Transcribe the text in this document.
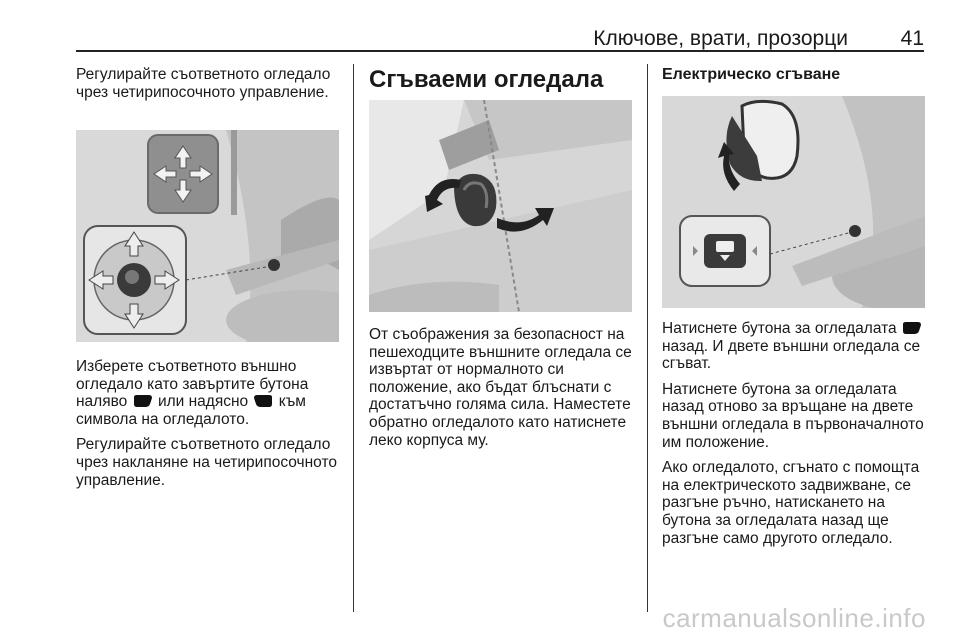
Ключове, врати, прозорци	41

Регулирайте съответното огледало чрез четирипосочното управление.

Изберете съответното външно огледало като завъртите бутона наляво или надясно към символа на огледалото.

Регулирайте съответното огледало чрез накланяне на четирипосочното управление.

Сгъваеми огледала

От съображения за безопасност на пешеходците външните огледала се извъртат от нормалното си положение, ако бъдат блъснати с достатъчно голяма сила. Наместете обратно огледалото като натиснете леко корпуса му.

Електрическо сгъване

Натиснете бутона за огледалата  назад. И двете външни огледала се сгъват.

Натиснете бутона за огледалата назад отново за връщане на двете външни огледала в първоначалното им положение.

Ако огледалото, сгънато с помощта на електрическото задвижване, се разгъне ръчно, натискането на бутона за огледалата назад ще разгъне само другото огледало.

carmanualsonline.info
